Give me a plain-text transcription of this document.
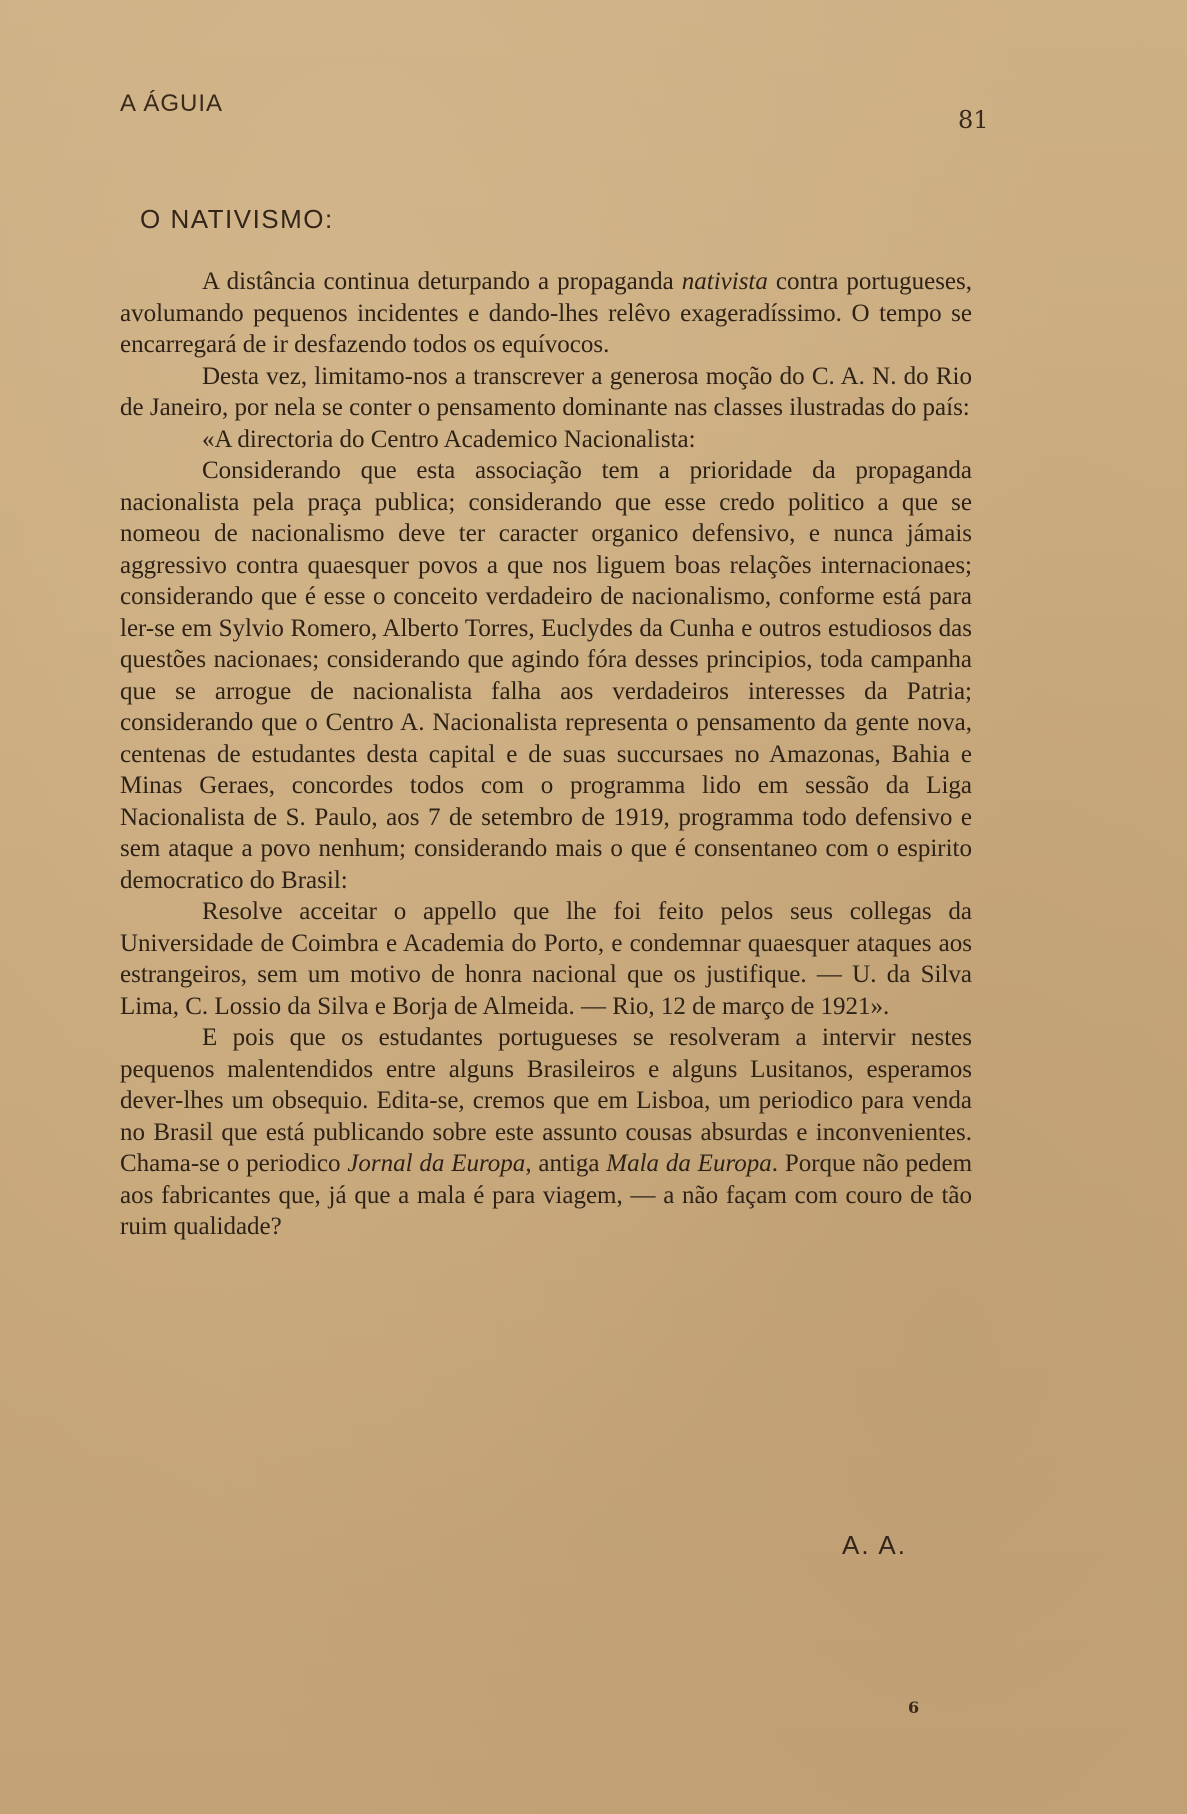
A ÁGUIA
81
O NATIVISMO:

A distância continua deturpando a propaganda nativista contra portugueses, avolumando pequenos incidentes e dando-lhes relêvo exageradíssimo. O tempo se encarregará de ir desfazendo todos os equívocos.

Desta vez, limitamo-nos a transcrever a generosa moção do C. A. N. do Rio de Janeiro, por nela se conter o pensamento dominante nas classes ilustradas do país:

«A directoria do Centro Academico Nacionalista:

Considerando que esta associação tem a prioridade da propaganda nacionalista pela praça publica; considerando que esse credo politico a que se nomeou de nacionalismo deve ter caracter organico defensivo, e nunca jámais aggressivo contra quaesquer povos a que nos liguem boas relações internacionaes; considerando que é esse o conceito verdadeiro de nacionalismo, conforme está para ler-se em Sylvio Romero, Alberto Torres, Euclydes da Cunha e outros estudiosos das questões nacionaes; considerando que agindo fóra desses principios, toda campanha que se arrogue de nacionalista falha aos verdadeiros interesses da Patria; considerando que o Centro A. Nacionalista representa o pensamento da gente nova, centenas de estudantes desta capital e de suas succursaes no Amazonas, Bahia e Minas Geraes, concordes todos com o programma lido em sessão da Liga Nacionalista de S. Paulo, aos 7 de setembro de 1919, programma todo defensivo e sem ataque a povo nenhum; considerando mais o que é consentaneo com o espirito democratico do Brasil:

Resolve acceitar o appello que lhe foi feito pelos seus collegas da Universidade de Coimbra e Academia do Porto, e condemnar quaesquer ataques aos estrangeiros, sem um motivo de honra nacional que os justifique. — U. da Silva Lima, C. Lossio da Silva e Borja de Almeida. — Rio, 12 de março de 1921».

E pois que os estudantes portugueses se resolveram a intervir nestes pequenos malentendidos entre alguns Brasileiros e alguns Lusitanos, esperamos dever-lhes um obsequio. Edita-se, cremos que em Lisboa, um periodico para venda no Brasil que está publicando sobre este assunto cousas absurdas e inconvenientes. Chama-se o periodico Jornal da Europa, antiga Mala da Europa. Porque não pedem aos fabricantes que, já que a mala é para viagem, — a não façam com couro de tão ruim qualidade?

A. A.
6
